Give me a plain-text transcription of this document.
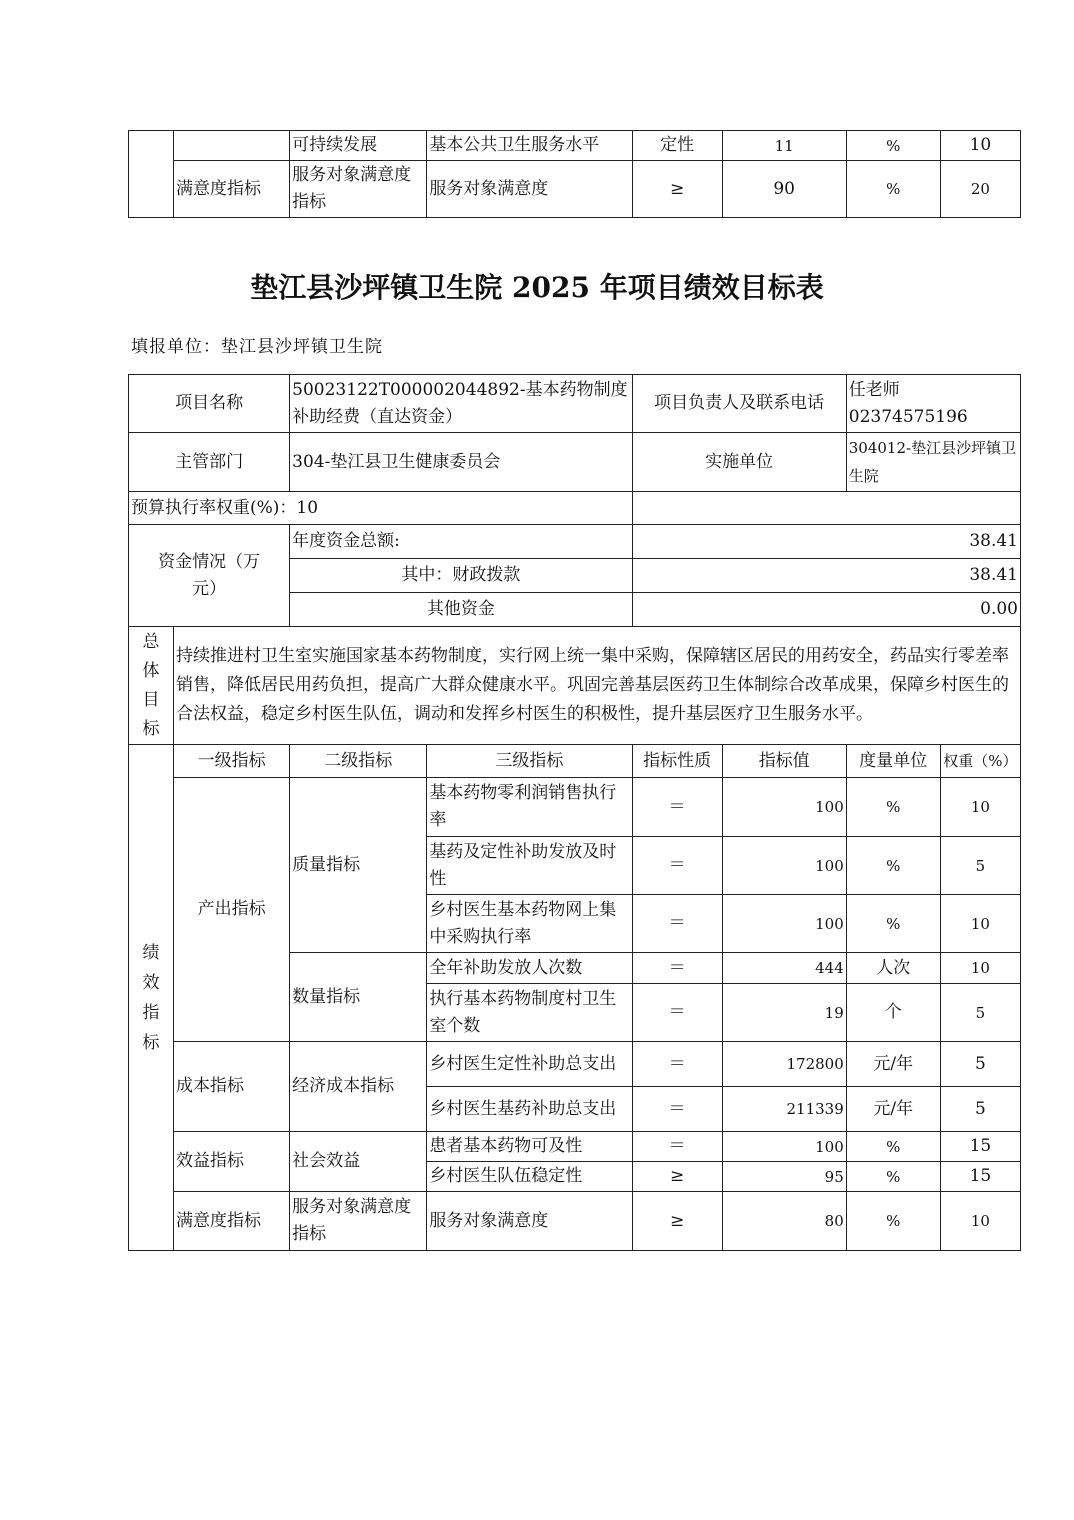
		可持续发展	基本公共卫生服务水平	定性	11	%	10
	满意度指标	服务对象满意度指标	服务对象满意度	≥	90	%	20
垫江县沙坪镇卫生院 2025 年项目绩效目标表
填报单位：垫江县沙坪镇卫生院
项目名称		50023122T000002044892-基本药物制度补助经费（直达资金）		项目负责人及联系电话		任老师
02374575196	

主管部门		304-垫江县卫生健康委员会		实施单位		304012-垫江县沙坪镇卫生院	
预算执行率权重(%)：10							

资金情况（万元）		年度资金总额:		38.41			
		其中：财政拨款		38.41			
		其他资金		0.00			

总体目标	持续推进村卫生室实施国家基本药物制度，实行网上统一集中采购，保障辖区居民的用药安全，药品实行零差率销售，降低居民用药负担，提高广大群众健康水平。巩固完善基层医药卫生体制综合改革成果，保障乡村医生的合法权益，稳定乡村医生队伍，调动和发挥乡村医生的积极性，提升基层医疗卫生服务水平。						

绩效指标	一级指标	二级指标	三级指标	指标性质	指标值	度量单位	权重（%）
	产出指标	质量指标	基本药物零利润销售执行率	＝	100	%	10
			基药及定性补助发放及时性	＝	100	%	5
			乡村医生基本药物网上集中采购执行率	＝	100	%	10
		数量指标	全年补助发放人次数	＝	444	人次	10
			执行基本药物制度村卫生室个数	＝	19	个	5
	成本指标	经济成本指标	乡村医生定性补助总支出	＝	172800	元/年	5
			乡村医生基药补助总支出	＝	211339	元/年	5
	效益指标	社会效益	患者基本药物可及性	＝	100	%	15
			乡村医生队伍稳定性	≥	95	%	15
	满意度指标	服务对象满意度指标	服务对象满意度	≥	80	%	10
